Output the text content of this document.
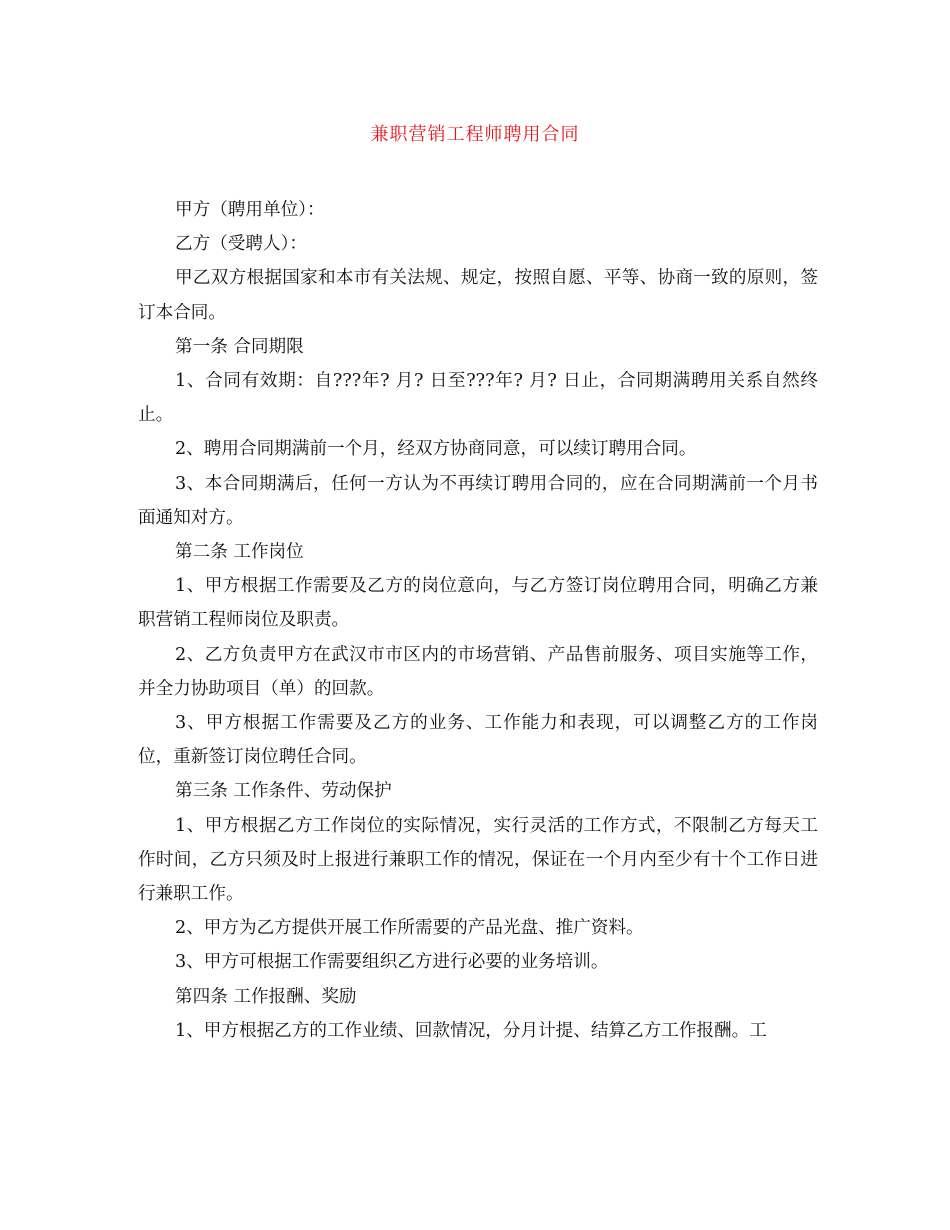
兼职营销工程师聘用合同

甲方（聘用单位）：

乙方（受聘人）：

甲乙双方根据国家和本市有关法规、规定，按照自愿、平等、协商一致的原则，签订本合同。

第一条 合同期限

1、合同有效期：自???年? 月? 日至???年? 月? 日止，合同期满聘用关系自然终止。

2、聘用合同期满前一个月，经双方协商同意，可以续订聘用合同。

3、本合同期满后，任何一方认为不再续订聘用合同的，应在合同期满前一个月书面通知对方。

第二条 工作岗位

1、甲方根据工作需要及乙方的岗位意向，与乙方签订岗位聘用合同，明确乙方兼职营销工程师岗位及职责。

2、乙方负责甲方在武汉市市区内的市场营销、产品售前服务、项目实施等工作，并全力协助项目（单）的回款。

3、甲方根据工作需要及乙方的业务、工作能力和表现，可以调整乙方的工作岗位，重新签订岗位聘任合同。

第三条 工作条件、劳动保护

1、甲方根据乙方工作岗位的实际情况，实行灵活的工作方式，不限制乙方每天工作时间，乙方只须及时上报进行兼职工作的情况，保证在一个月内至少有十个工作日进行兼职工作。

2、甲方为乙方提供开展工作所需要的产品光盘、推广资料。

3、甲方可根据工作需要组织乙方进行必要的业务培训。

第四条 工作报酬、奖励

1、甲方根据乙方的工作业绩、回款情况，分月计提、结算乙方工作报酬。工
